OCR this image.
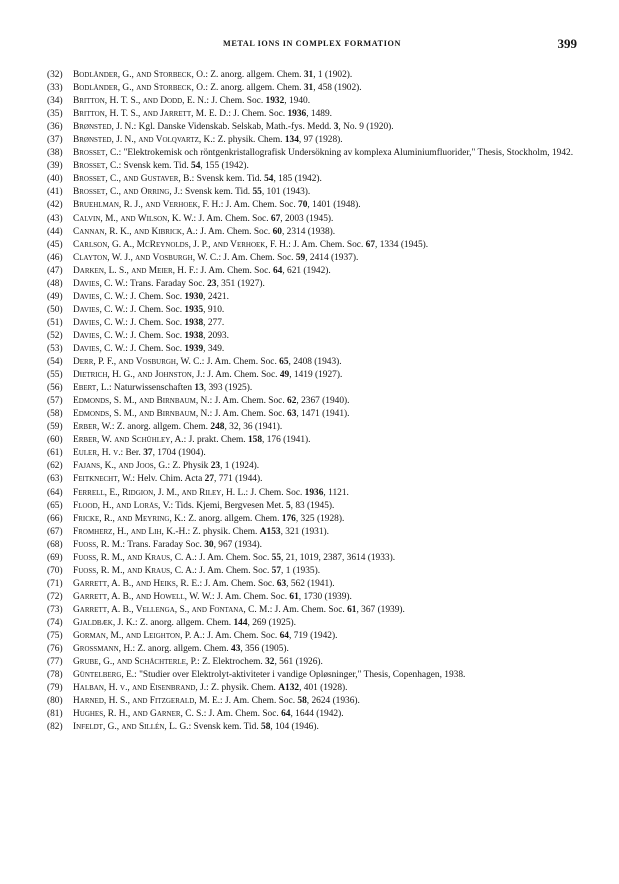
METAL IONS IN COMPLEX FORMATION	399
(32) Bodländer, G., and Storbeck, O.: Z. anorg. allgem. Chem. 31, 1 (1902).
(33) Bodländer, G., and Storbeck, O.: Z. anorg. allgem. Chem. 31, 458 (1902).
(34) Britton, H. T. S., and Dodd, E. N.: J. Chem. Soc. 1932, 1940.
(35) Britton, H. T. S., and Jarrett, M. E. D.: J. Chem. Soc. 1936, 1489.
(36) Brønsted, J. N.: Kgl. Danske Videnskab. Selskab, Math.-fys. Medd. 3, No. 9 (1920).
(37) Brønsted, J. N., and Volqvartz, K.: Z. physik. Chem. 134, 97 (1928).
(38) Brosset, C.: "Elektrokemisk och röntgenkristallografisk Undersökning av komplexa Aluminiumfluorider," Thesis, Stockholm, 1942.
(39) Brosset, C.: Svensk kem. Tid. 54, 155 (1942).
(40) Brosset, C., and Gustaver, B.: Svensk kem. Tid. 54, 185 (1942).
(41) Brosset, C., and Orring, J.: Svensk kem. Tid. 55, 101 (1943).
(42) Bruehlman, R. J., and Verhoek, F. H.: J. Am. Chem. Soc. 70, 1401 (1948).
(43) Calvin, M., and Wilson, K. W.: J. Am. Chem. Soc. 67, 2003 (1945).
(44) Cannan, R. K., and Kibrick, A.: J. Am. Chem. Soc. 60, 2314 (1938).
(45) Carlson, G. A., McReynolds, J. P., and Verhoek, F. H.: J. Am. Chem. Soc. 67, 1334 (1945).
(46) Clayton, W. J., and Vosburgh, W. C.: J. Am. Chem. Soc. 59, 2414 (1937).
(47) Darken, L. S., and Meier, H. F.: J. Am. Chem. Soc. 64, 621 (1942).
(48) Davies, C. W.: Trans. Faraday Soc. 23, 351 (1927).
(49) Davies, C. W.: J. Chem. Soc. 1930, 2421.
(50) Davies, C. W.: J. Chem. Soc. 1935, 910.
(51) Davies, C. W.: J. Chem. Soc. 1938, 277.
(52) Davies, C. W.: J. Chem. Soc. 1938, 2093.
(53) Davies, C. W.: J. Chem. Soc. 1939, 349.
(54) Derr, P. F., and Vosburgh, W. C.: J. Am. Chem. Soc. 65, 2408 (1943).
(55) Dietrich, H. G., and Johnston, J.: J. Am. Chem. Soc. 49, 1419 (1927).
(56) Ebert, L.: Naturwissenschaften 13, 393 (1925).
(57) Edmonds, S. M., and Birnbaum, N.: J. Am. Chem. Soc. 62, 2367 (1940).
(58) Edmonds, S. M., and Birnbaum, N.: J. Am. Chem. Soc. 63, 1471 (1941).
(59) Erber, W.: Z. anorg. allgem. Chem. 248, 32, 36 (1941).
(60) Erber, W. and Schühley, A.: J. prakt. Chem. 158, 176 (1941).
(61) Euler, H. v.: Ber. 37, 1704 (1904).
(62) Fajans, K., and Joos, G.: Z. Physik 23, 1 (1924).
(63) Feitknecht, W.: Helv. Chim. Acta 27, 771 (1944).
(64) Ferrell, E., Ridgion, J. M., and Riley, H. L.: J. Chem. Soc. 1936, 1121.
(65) Flood, H., and Lorås, V.: Tids. Kjemi, Bergvesen Met. 5, 83 (1945).
(66) Fricke, R., and Meyring, K.: Z. anorg. allgem. Chem. 176, 325 (1928).
(67) Fromherz, H., and Lih, K.-H.: Z. physik. Chem. A153, 321 (1931).
(68) Fuoss, R. M.: Trans. Faraday Soc. 30, 967 (1934).
(69) Fuoss, R. M., and Kraus, C. A.: J. Am. Chem. Soc. 55, 21, 1019, 2387, 3614 (1933).
(70) Fuoss, R. M., and Kraus, C. A.: J. Am. Chem. Soc. 57, 1 (1935).
(71) Garrett, A. B., and Heiks, R. E.: J. Am. Chem. Soc. 63, 562 (1941).
(72) Garrett, A. B., and Howell, W. W.: J. Am. Chem. Soc. 61, 1730 (1939).
(73) Garrett, A. B., Vellenga, S., and Fontana, C. M.: J. Am. Chem. Soc. 61, 367 (1939).
(74) Gjaldbæk, J. K.: Z. anorg. allgem. Chem. 144, 269 (1925).
(75) Gorman, M., and Leighton, P. A.: J. Am. Chem. Soc. 64, 719 (1942).
(76) Grossmann, H.: Z. anorg. allgem. Chem. 43, 356 (1905).
(77) Grube, G., and Schächterle, P.: Z. Elektrochem. 32, 561 (1926).
(78) Güntelberg, E.: "Studier over Elektrolyt-aktiviteter i vandige Opløsninger," Thesis, Copenhagen, 1938.
(79) Halban, H. v., and Eisenbrand, J.: Z. physik. Chem. A132, 401 (1928).
(80) Harned, H. S., and Fitzgerald, M. E.: J. Am. Chem. Soc. 58, 2624 (1936).
(81) Hughes, R. H., and Garner, C. S.: J. Am. Chem. Soc. 64, 1644 (1942).
(82) Infeldt, G., and Sillén, L. G.: Svensk kem. Tid. 58, 104 (1946).
